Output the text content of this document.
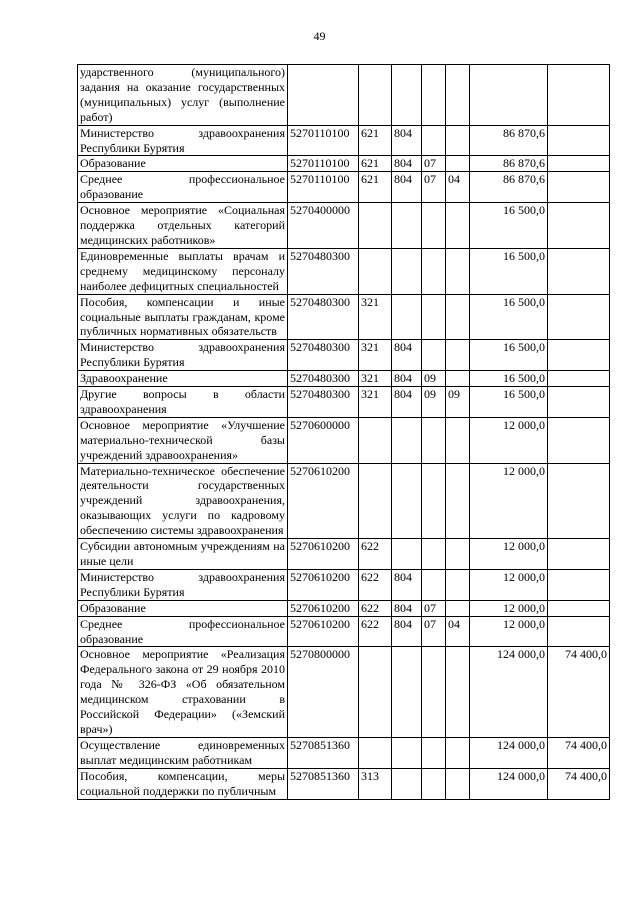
49
ударственного (муниципального) задания на оказание государственных (муниципальных) услуг (выполнение работ)							
Министерство здравоохранения Республики Бурятия	5270110100	621	804			86 870,6	
Образование	5270110100	621	804	07		86 870,6	
Среднее профессиональное образование	5270110100	621	804	07	04	86 870,6	
Основное мероприятие «Социальная поддержка отдельных категорий медицинских работников»	5270400000					16 500,0	
Единовременные выплаты врачам и среднему медицинскому персоналу наиболее дефицитных специальностей	5270480300					16 500,0	
Пособия, компенсации и иные социальные выплаты гражданам, кроме публичных нормативных обязательств	5270480300	321				16 500,0	
Министерство здравоохранения Республики Бурятия	5270480300	321	804			16 500,0	
Здравоохранение	5270480300	321	804	09		16 500,0	
Другие вопросы в области здравоохранения	5270480300	321	804	09	09	16 500,0	
Основное мероприятие «Улучшение материально-технической базы учреждений здравоохранения»	5270600000					12 000,0	
Материально-техническое обеспечение деятельности государственных учреждений здравоохранения, оказывающих услуги по кадровому обеспечению системы здравоохранения	5270610200					12 000,0	
Субсидии автономным учреждениям на иные цели	5270610200	622				12 000,0	
Министерство здравоохранения Республики Бурятия	5270610200	622	804			12 000,0	
Образование	5270610200	622	804	07		12 000,0	
Среднее профессиональное образование	5270610200	622	804	07	04	12 000,0	
Основное мероприятие «Реализация Федерального закона от 29 ноября 2010 года № 326-ФЗ «Об обязательном медицинском страховании в Российской Федерации» («Земский врач»)	5270800000					124 000,0	74 400,0
Осуществление единовременных выплат медицинским работникам	5270851360					124 000,0	74 400,0
Пособия, компенсации, меры социальной поддержки по публичным	5270851360	313				124 000,0	74 400,0
